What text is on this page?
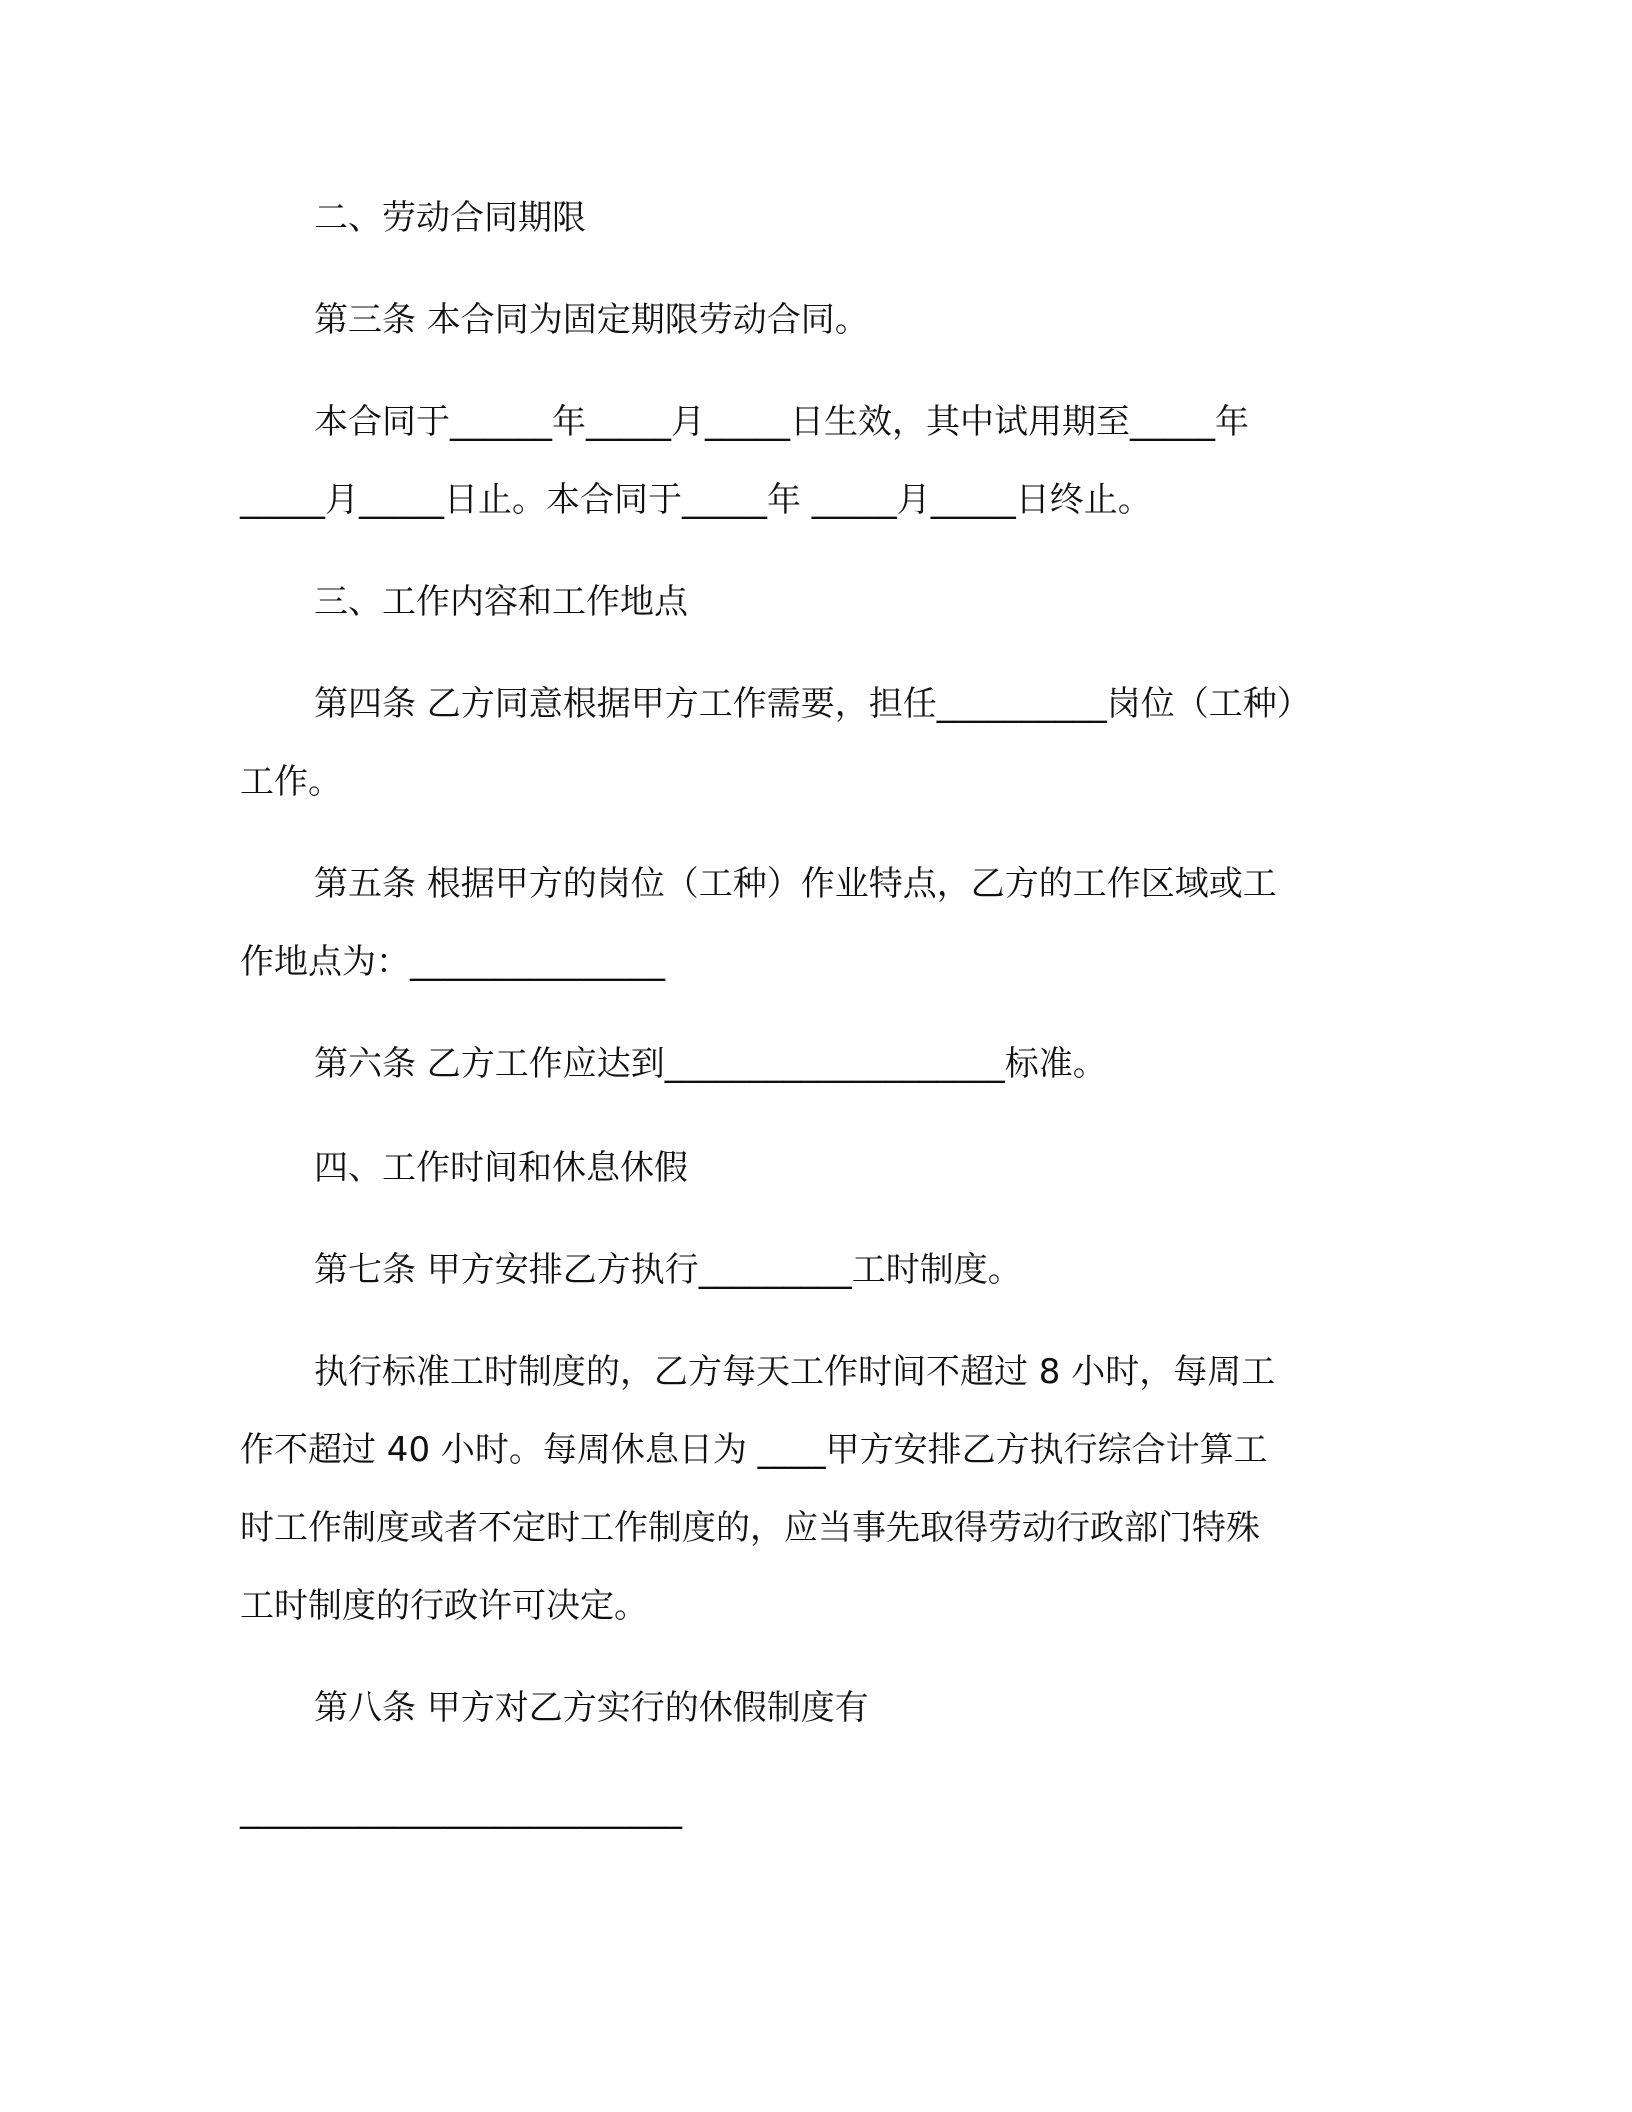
二、劳动合同期限

第三条 本合同为固定期限劳动合同。

本合同于______年_____月_____日生效，其中试用期至_____年

_____月_____日止。本合同于_____年 _____月_____日终止。

三、工作内容和工作地点

第四条 乙方同意根据甲方工作需要，担任__________岗位（工种）

工作。

第五条 根据甲方的岗位（工种）作业特点，乙方的工作区域或工

作地点为：_______________

第六条 乙方工作应达到____________________标准。

四、工作时间和休息休假

第七条 甲方安排乙方执行_________工时制度。

执行标准工时制度的，乙方每天工作时间不超过 8 小时，每周工

作不超过 40 小时。每周休息日为 ____甲方安排乙方执行综合计算工

时工作制度或者不定时工作制度的，应当事先取得劳动行政部门特殊

工时制度的行政许可决定。

第八条 甲方对乙方实行的休假制度有

__________________________
